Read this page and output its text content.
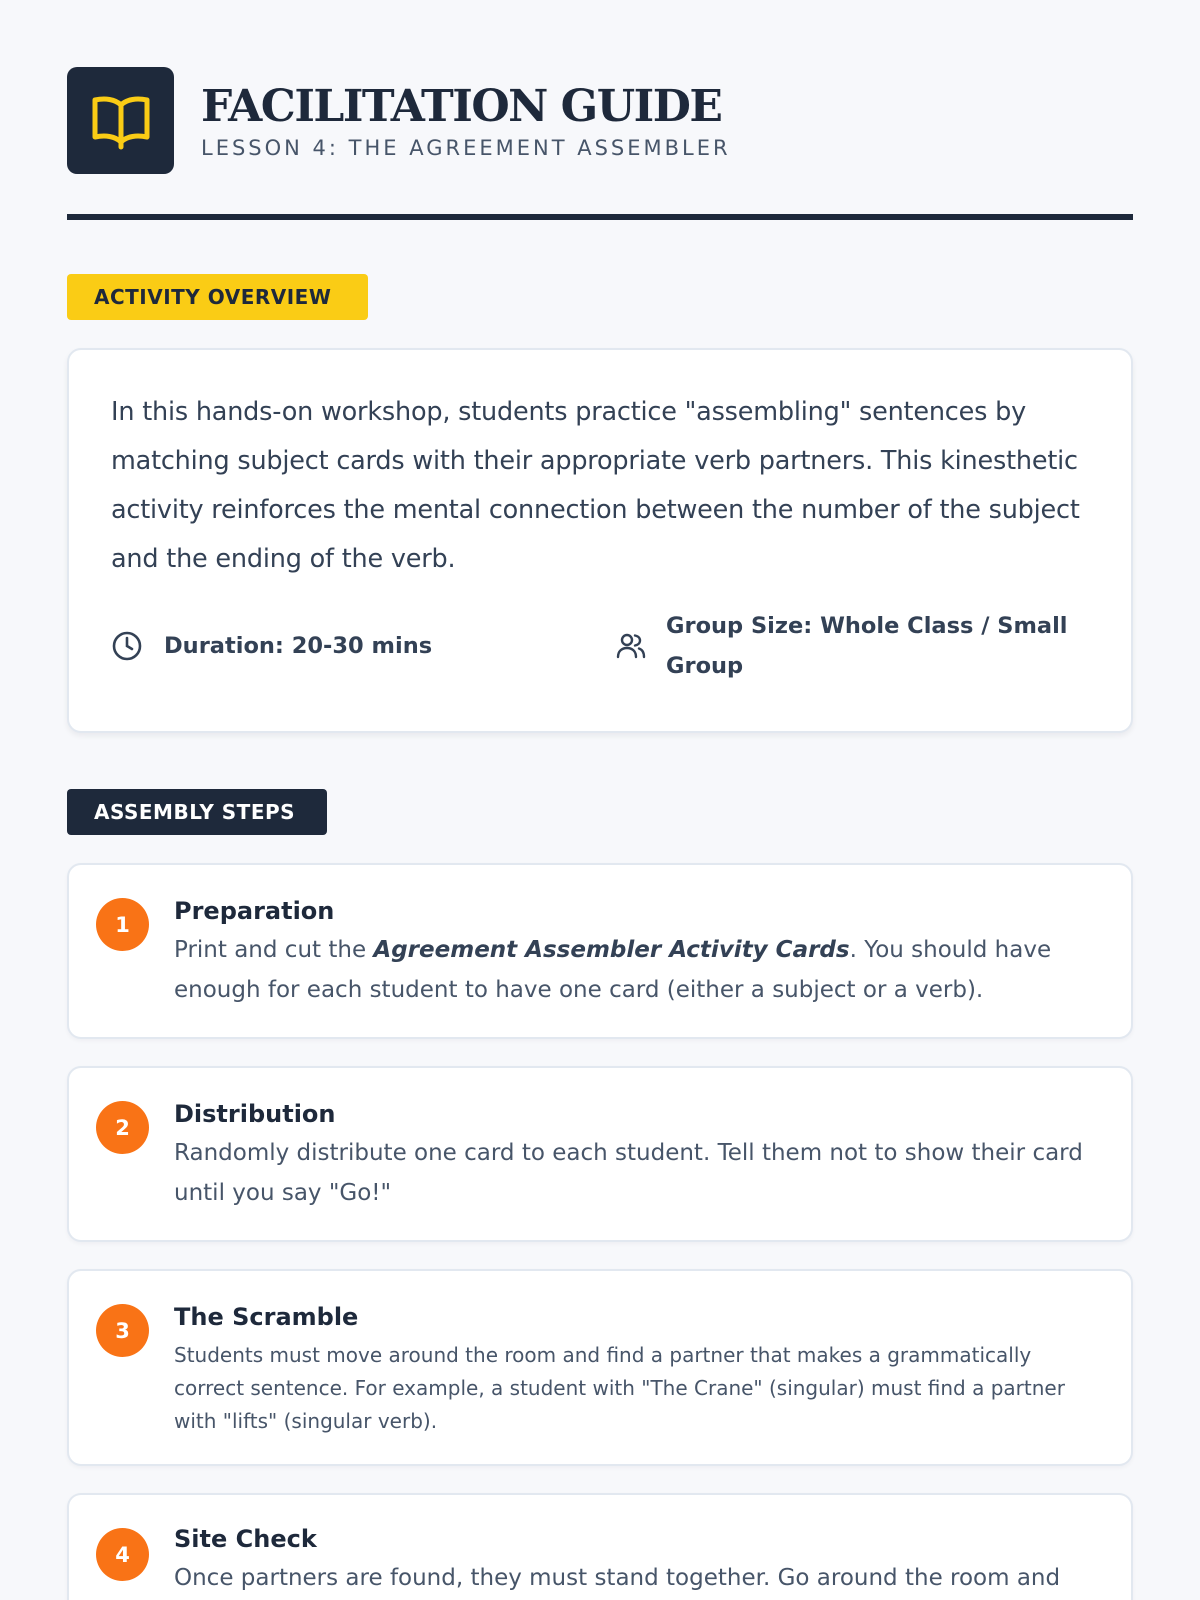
FACILITATION GUIDE
LESSON 4: THE AGREEMENT ASSEMBLER
ACTIVITY OVERVIEW

In this hands-on workshop, students practice "assembling" sentences by matching subject cards with their appropriate verb partners. This kinesthetic activity reinforces the mental connection between the number of the subject and the ending of the verb.

Duration: 20-30 mins
Group Size: Whole Class / Small Group
ASSEMBLY STEPS
1	Preparation

Print and cut the Agreement Assembler Activity Cards. You should have enough for each student to have one card (either a subject or a verb).

2	Distribution

Randomly distribute one card to each student. Tell them not to show their card until you say "Go!"

3	The Scramble

Students must move around the room and find a partner that makes a grammatically correct sentence. For example, a student with "The Crane" (singular) must find a partner with "lifts" (singular verb).

4
Site Check

Once partners are found, they must stand together. Go around the room and
